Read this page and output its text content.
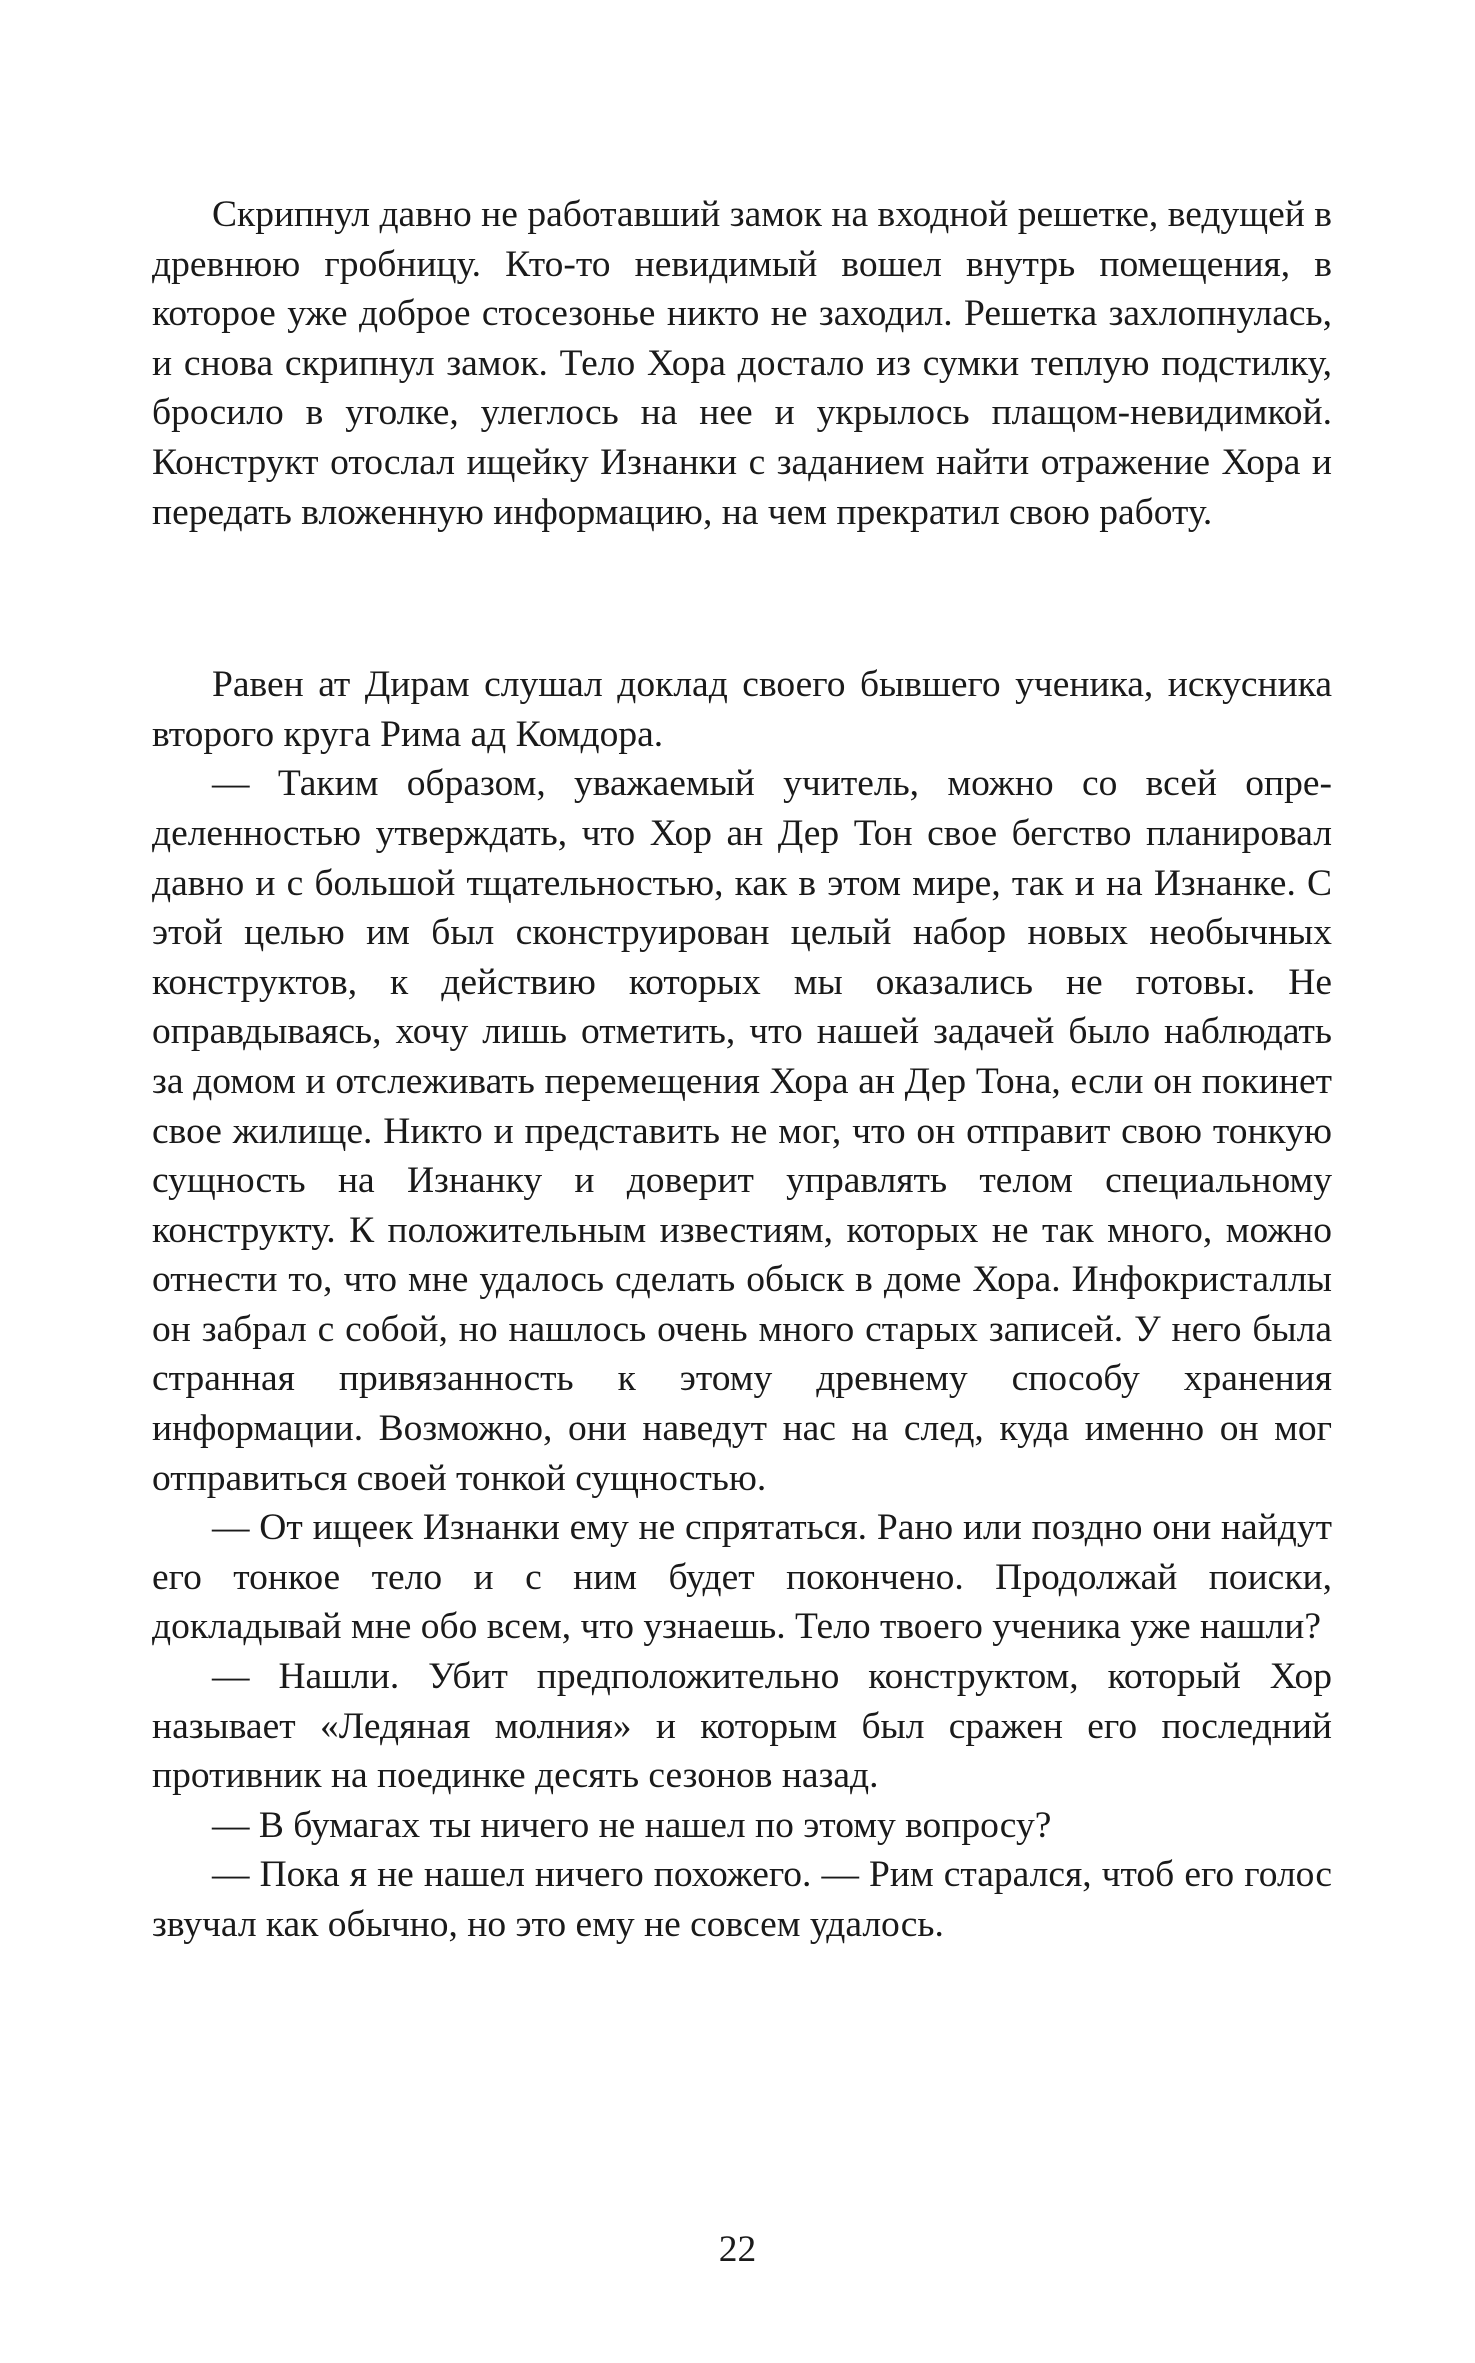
Скрипнул давно не работавший замок на входной решетке, ведущей в древнюю гробницу. Кто-то невидимый вошел внутрь помещения, в которое уже доброе стосезонье никто не заходил. Решетка захлопнулась, и снова скрипнул замок. Тело Хора достало из сумки теплую подстилку, бросило в уголке, улеглось на нее и укрылось плащом-невидимкой. Конструкт отослал ищейку Изнанки с заданием найти отражение Хора и передать вложенную информацию, на чем прекратил свою работу.

Равен ат Дирам слушал доклад своего бывшего ученика, искусника второго круга Рима ад Комдора.

— Таким образом, уважаемый учитель, можно со всей определенностью утверждать, что Хор ан Дер Тон свое бегство планировал давно и с большой тщательностью, как в этом мире, так и на Изнанке. С этой целью им был сконструирован целый набор новых необычных конструктов, к действию которых мы оказались не готовы. Не оправдываясь, хочу лишь отметить, что нашей задачей было наблюдать за домом и отслеживать перемещения Хора ан Дер Тона, если он покинет свое жилище. Никто и представить не мог, что он отправит свою тонкую сущность на Изнанку и доверит управлять телом специальному конструкту. К положительным известиям, которых не так много, можно отнести то, что мне удалось сделать обыск в доме Хора. Инфокристаллы он забрал с собой, но нашлось очень много старых записей. У него была странная привязанность к этому древнему способу хранения информации. Возможно, они наведут нас на след, куда именно он мог отправиться своей тонкой сущностью.

— От ищеек Изнанки ему не спрятаться. Рано или поздно они найдут его тонкое тело и с ним будет покончено. Продолжай поиски, докладывай мне обо всем, что узнаешь. Тело твоего ученика уже нашли?

— Нашли. Убит предположительно конструктом, который Хор называет «Ледяная молния» и которым был сражен его последний противник на поединке десять сезонов назад.

— В бумагах ты ничего не нашел по этому вопросу?

— Пока я не нашел ничего похожего. — Рим старался, чтоб его голос звучал как обычно, но это ему не совсем удалось.

22
